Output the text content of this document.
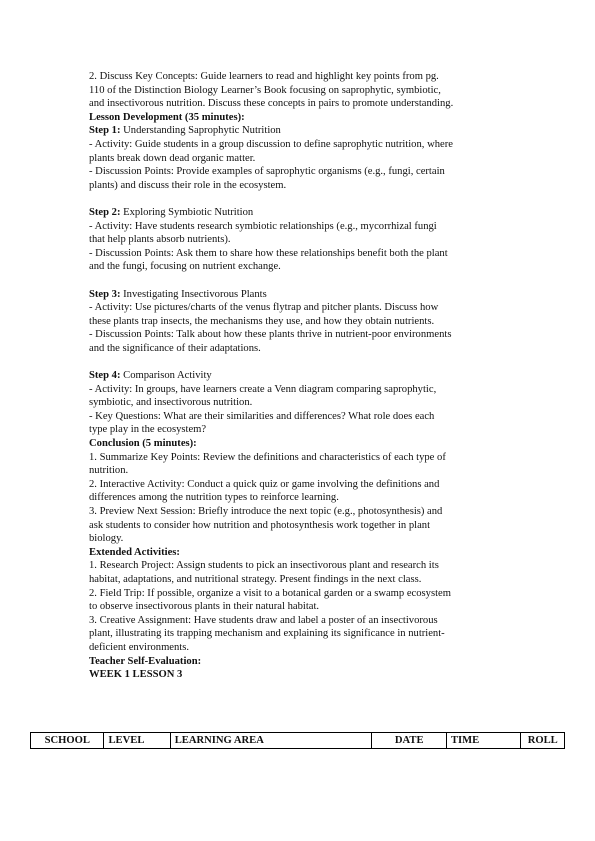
2. Discuss Key Concepts: Guide learners to read and highlight key points from pg.

110 of the Distinction Biology Learner’s Book focusing on saprophytic, symbiotic,

and insectivorous nutrition. Discuss these concepts in pairs to promote understanding.

Lesson Development (35 minutes):

Step 1: Understanding Saprophytic Nutrition

- Activity: Guide students in a group discussion to define saprophytic nutrition, where

plants break down dead organic matter.

- Discussion Points: Provide examples of saprophytic organisms (e.g., fungi, certain

plants) and discuss their role in the ecosystem.

Step 2: Exploring Symbiotic Nutrition

- Activity: Have students research symbiotic relationships (e.g., mycorrhizal fungi

that help plants absorb nutrients).

- Discussion Points: Ask them to share how these relationships benefit both the plant

and the fungi, focusing on nutrient exchange.

Step 3: Investigating Insectivorous Plants

- Activity: Use pictures/charts of the venus flytrap and pitcher plants. Discuss how

these plants trap insects, the mechanisms they use, and how they obtain nutrients.

- Discussion Points: Talk about how these plants thrive in nutrient-poor environments

and the significance of their adaptations.

Step 4: Comparison Activity

- Activity: In groups, have learners create a Venn diagram comparing saprophytic,

symbiotic, and insectivorous nutrition.

- Key Questions: What are their similarities and differences? What role does each

type play in the ecosystem?

Conclusion (5 minutes):

1. Summarize Key Points: Review the definitions and characteristics of each type of

nutrition.

2. Interactive Activity: Conduct a quick quiz or game involving the definitions and

differences among the nutrition types to reinforce learning.

3. Preview Next Session: Briefly introduce the next topic (e.g., photosynthesis) and

ask students to consider how nutrition and photosynthesis work together in plant

biology.

Extended Activities:

1. Research Project: Assign students to pick an insectivorous plant and research its

habitat, adaptations, and nutritional strategy. Present findings in the next class.

2. Field Trip: If possible, organize a visit to a botanical garden or a swamp ecosystem

to observe insectivorous plants in their natural habitat.

3. Creative Assignment: Have students draw and label a poster of an insectivorous

plant, illustrating its trapping mechanism and explaining its significance in nutrient-

deficient environments.

Teacher Self-Evaluation:

WEEK 1 LESSON 3

SCHOOL	LEVEL	LEARNING AREA	DATE	TIME	ROLL
